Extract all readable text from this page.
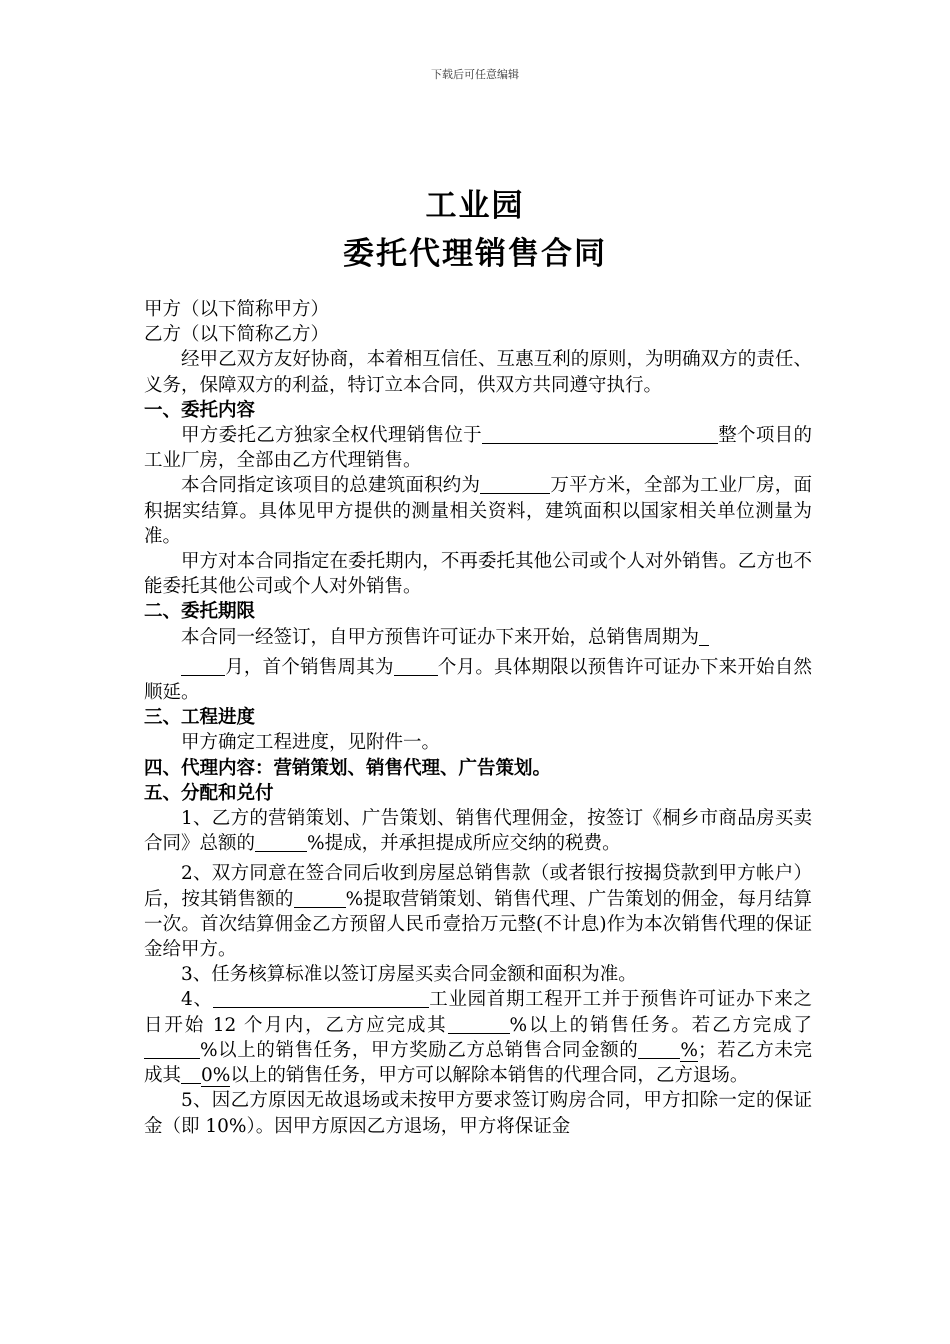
下载后可任意编辑
工业园
委托代理销售合同

甲方（以下简称甲方）

乙方（以下简称乙方）

经甲乙双方友好协商，本着相互信任、互惠互利的原则，为明确双方的责任、义务，保障双方的利益，特订立本合同，供双方共同遵守执行。

一、委托内容

甲方委托乙方独家全权代理销售位于	整个项目的工业厂房，全部由乙方代理销售。

本合同指定该项目的总建筑面积约为	万平方米，全部为工业厂房，面积据实结算。具体见甲方提供的测量相关资料，建筑面积以国家相关单位测量为准。

甲方对本合同指定在委托期内，不再委托其他公司或个人对外销售。乙方也不能委托其他公司或个人对外销售。

二、委托期限

本合同一经签订，自甲方预售许可证办下来开始，总销售周期为

月，首个销售周其为 个月。具体期限以预售许可证办下来开始自然顺延。

三、工程进度

甲方确定工程进度，见附件一。

四、代理内容：营销策划、销售代理、广告策划。

五、分配和兑付

1、乙方的营销策划、广告策划、销售代理佣金，按签订《桐乡市商品房买卖合同》总额的	%提成，并承担提成所应交纳的税费。

2、双方同意在签合同后收到房屋总销售款（或者银行按揭贷款到甲方帐户）后，按其销售额的	%提取营销策划、销售代理、广告策划的佣金，每月结算一次。首次结算佣金乙方预留人民币壹拾万元整(不计息)作为本次销售代理的保证金给甲方。

3、任务核算标准以签订房屋买卖合同金额和面积为准。

4、	工业园首期工程开工并于预售许可证办下来之日开始 12 个月内，乙方应完成其	%以上的销售任务。若乙方完成了%以上的销售任务，甲方奖励乙方总销售合同金额的 %；若乙方未完成其 0%以上的销售任务，甲方可以解除本销售的代理合同，乙方退场。

5、因乙方原因无故退场或未按甲方要求签订购房合同，甲方扣除一定的保证金（即 10%）。因甲方原因乙方退场，甲方将保证金
